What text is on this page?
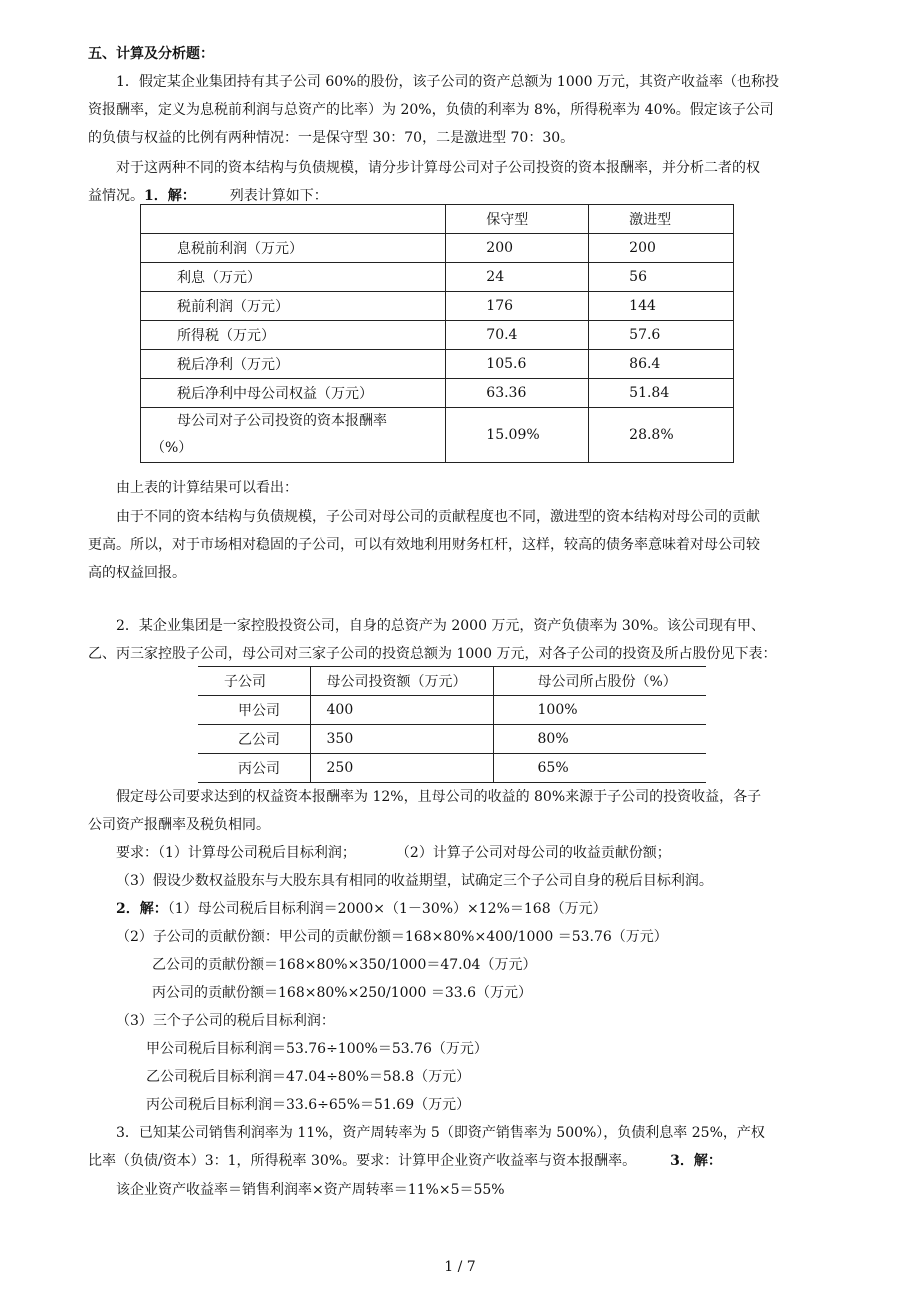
五、计算及分析题：
1．假定某企业集团持有其子公司 60%的股份，该子公司的资产总额为 1000 万元，其资产收益率（也称投
资报酬率，定义为息税前利润与总资产的比率）为 20%，负债的利率为 8%，所得税率为 40%。假定该子公司
的负债与权益的比例有两种情况：一是保守型 30：70，二是激进型 70：30。
对于这两种不同的资本结构与负债规模，请分步计算母公司对子公司投资的资本报酬率，并分析二者的权
益情况。1．解： 列表计算如下：
	保守型	激进型
息税前利润（万元）	200	200
利息（万元）	24	56
税前利润（万元）	176	144
所得税（万元）	70.4	57.6
税后净利（万元）	105.6	86.4
税后净利中母公司权益（万元）	63.36	51.84

母公司对子公司投资的资本报酬率
（%）	15.09%	28.8%
由上表的计算结果可以看出：
由于不同的资本结构与负债规模，子公司对母公司的贡献程度也不同，激进型的资本结构对母公司的贡献
更高。所以，对于市场相对稳固的子公司，可以有效地利用财务杠杆，这样，较高的债务率意味着对母公司较
高的权益回报。
2．某企业集团是一家控股投资公司，自身的总资产为 2000 万元，资产负债率为 30%。该公司现有甲、
乙、丙三家控股子公司，母公司对三家子公司的投资总额为 1000 万元，对各子公司的投资及所占股份见下表：
子公司	母公司投资额（万元）	母公司所占股份（%）
甲公司	400	100%
乙公司	350	80%
丙公司	250	65%
假定母公司要求达到的权益资本报酬率为 12%，且母公司的收益的 80%来源于子公司的投资收益，各子
公司资产报酬率及税负相同。
要求：（1）计算母公司税后目标利润；	（2）计算子公司对母公司的收益贡献份额；
（3）假设少数权益股东与大股东具有相同的收益期望，试确定三个子公司自身的税后目标利润。
2．解：（1）母公司税后目标利润＝2000×（1－30%）×12%＝168（万元）
（2）子公司的贡献份额：甲公司的贡献份额＝168×80%×400/1000 ＝53.76（万元）
乙公司的贡献份额＝168×80%×350/1000＝47.04（万元）
丙公司的贡献份额＝168×80%×250/1000 ＝33.6（万元）
（3）三个子公司的税后目标利润：
甲公司税后目标利润＝53.76÷100%＝53.76（万元）
乙公司税后目标利润＝47.04÷80%＝58.8（万元）
丙公司税后目标利润＝33.6÷65%＝51.69（万元）
3．已知某公司销售利润率为 11%，资产周转率为 5（即资产销售率为 500%），负债利息率 25%，产权
比率（负债/资本）3：1，所得税率 30%。要求：计算甲企业资产收益率与资本报酬率。 3．解：
该企业资产收益率＝销售利润率×资产周转率＝11%×5＝55%
1 / 7
